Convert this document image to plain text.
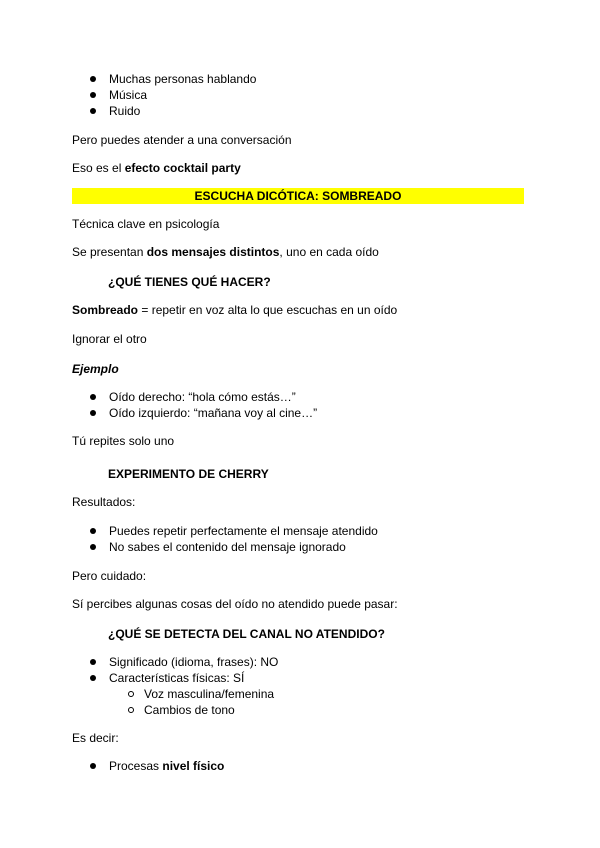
Muchas personas hablando
Música
Ruido
Pero puedes atender a una conversación
Eso es el efecto cocktail party
ESCUCHA DICÓTICA: SOMBREADO
Técnica clave en psicología
Se presentan dos mensajes distintos, uno en cada oído
¿QUÉ TIENES QUÉ HACER?
Sombreado = repetir en voz alta lo que escuchas en un oído
Ignorar el otro
Ejemplo
Oído derecho: “hola cómo estás…”
Oído izquierdo: “mañana voy al cine…”
Tú repites solo uno
EXPERIMENTO DE CHERRY
Resultados:
Puedes repetir perfectamente el mensaje atendido
No sabes el contenido del mensaje ignorado
Pero cuidado:
Sí percibes algunas cosas del oído no atendido puede pasar:
¿QUÉ SE DETECTA DEL CANAL NO ATENDIDO?
Significado (idioma, frases): NO
Características físicas: SÍ
Voz masculina/femenina
Cambios de tono
Es decir:
Procesas nivel físico
